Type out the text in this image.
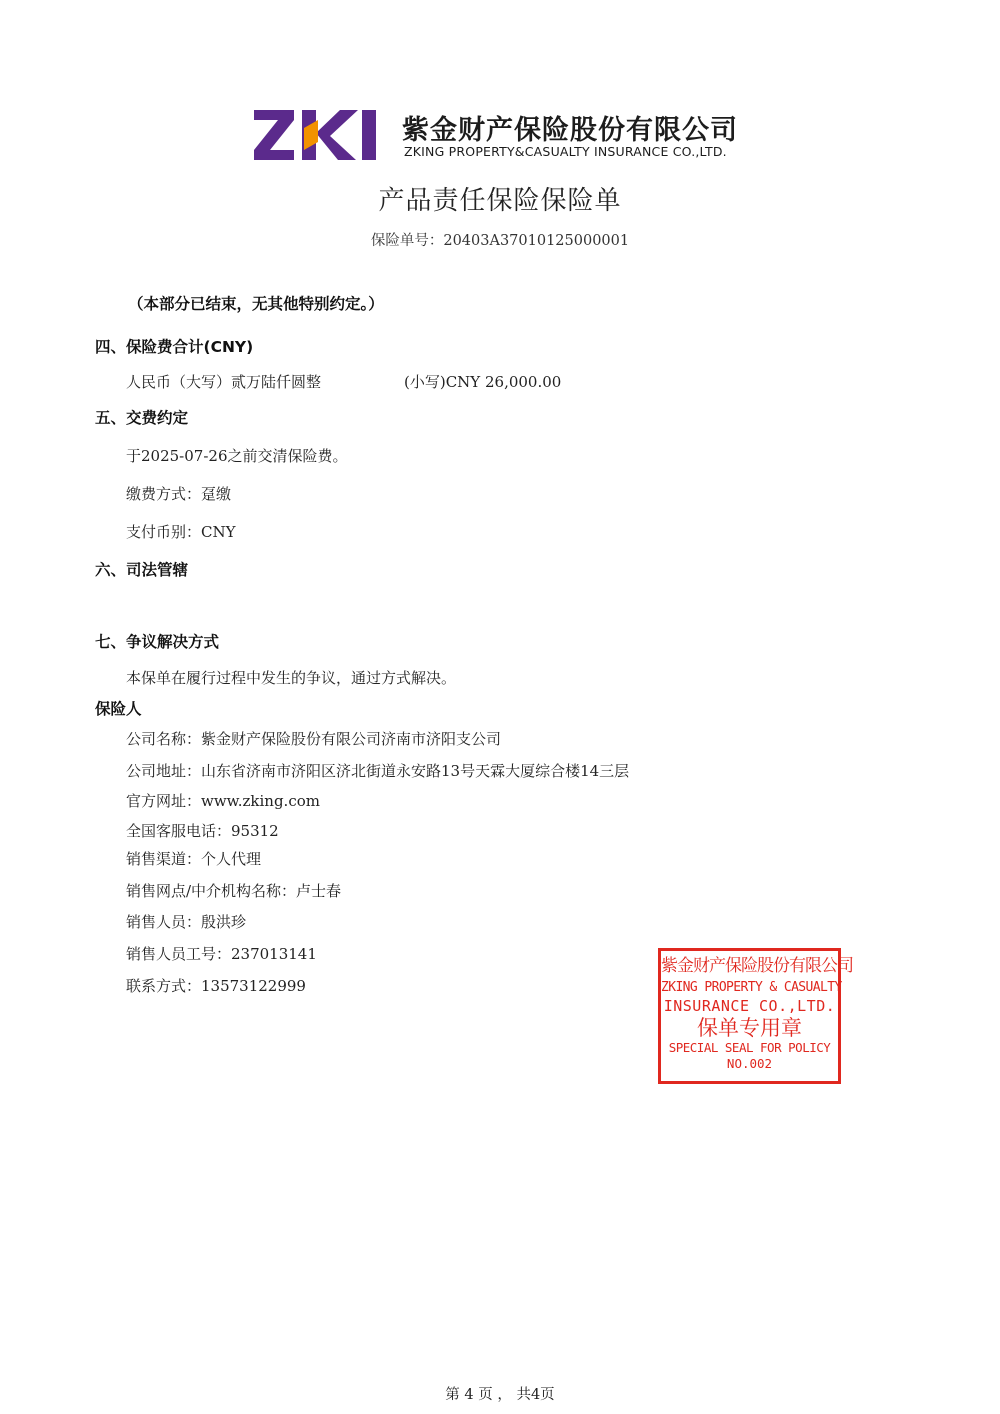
紫金财产保险股份有限公司
ZKING PROPERTY&CASUALTY INSURANCE CO.,LTD.
产品责任保险保险单
保险单号：20403A37010125000001
（本部分已结束，无其他特别约定。）
四、保险费合计(CNY)
人民币（大写）贰万陆仟圆整	(小写)CNY 26,000.00
五、交费约定
于2025-07-26之前交清保险费。
缴费方式：趸缴
支付币别：CNY
六、司法管辖
七、争议解决方式
本保单在履行过程中发生的争议，通过方式解决。
保险人
公司名称：紫金财产保险股份有限公司济南市济阳支公司
公司地址：山东省济南市济阳区济北街道永安路13号天霖大厦综合楼14三层
官方网址：www.zking.com
全国客服电话：95312
销售渠道：个人代理
销售网点/中介机构名称：卢士春
销售人员：殷洪珍
销售人员工号：237013141
联系方式：13573122999
紫金财产保险股份有限公司
ZKING PROPERTY & CASUALTY
INSURANCE CO.,LTD.
保单专用章
SPECIAL SEAL FOR POLICY
NO.002
第 4 页 ， 共4页
